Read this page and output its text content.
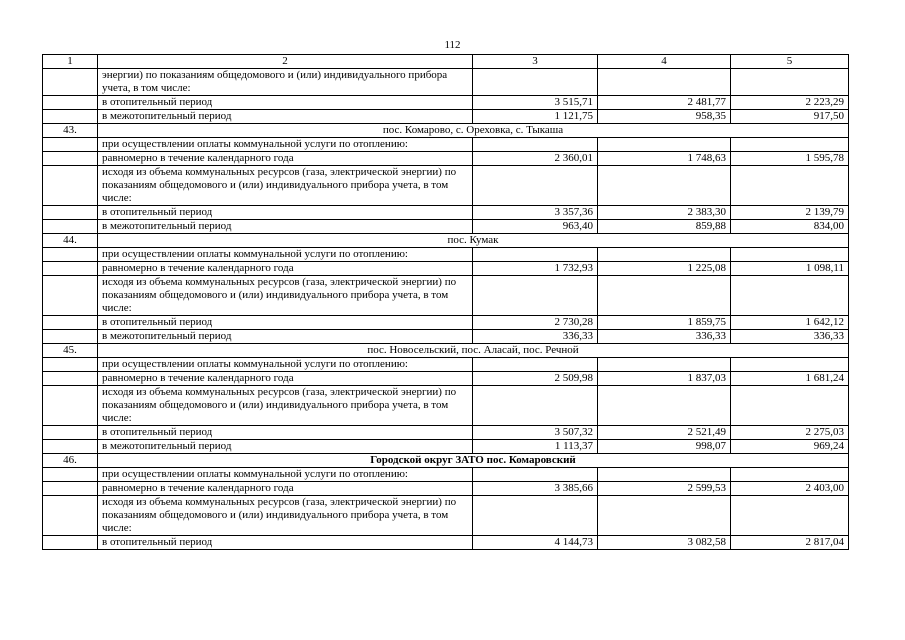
112
1	2	3	4	5
	энергии) по показаниям общедомового и (или) индивидуального прибора учета, в том числе:			
	в отопительный период	3 515,71	2 481,77	2 223,29
	в межотопительный период	1 121,75	958,35	917,50
43.	пос. Комарово, с. Ореховка, с. Тыкаша			
	при осуществлении оплаты коммунальной услуги по отоплению:			
	равномерно в течение календарного года	2 360,01	1 748,63	1 595,78
	исходя из объема коммунальных ресурсов (газа, электрической энергии) по показаниям общедомового и (или) индивидуального прибора учета, в том числе:			
	в отопительный период	3 357,36	2 383,30	2 139,79
	в межотопительный период	963,40	859,88	834,00
44.	пос. Кумак			
	при осуществлении оплаты коммунальной услуги по отоплению:			
	равномерно в течение календарного года	1 732,93	1 225,08	1 098,11
	исходя из объема коммунальных ресурсов (газа, электрической энергии) по показаниям общедомового и (или) индивидуального прибора учета, в том числе:			
	в отопительный период	2 730,28	1 859,75	1 642,12
	в межотопительный период	336,33	336,33	336,33
45.	пос. Новосельский, пос. Аласай, пос. Речной			
	при осуществлении оплаты коммунальной услуги по отоплению:			
	равномерно в течение календарного года	2 509,98	1 837,03	1 681,24
	исходя из объема коммунальных ресурсов (газа, электрической энергии) по показаниям общедомового и (или) индивидуального прибора учета, в том числе:			
	в отопительный период	3 507,32	2 521,49	2 275,03
	в межотопительный период	1 113,37	998,07	969,24
46.	Городской округ ЗАТО пос. Комаровский			
	при осуществлении оплаты коммунальной услуги по отоплению:			
	равномерно в течение календарного года	3 385,66	2 599,53	2 403,00
	исходя из объема коммунальных ресурсов (газа, электрической энергии) по показаниям общедомового и (или) индивидуального прибора учета, в том числе:			
	в отопительный период	4 144,73	3 082,58	2 817,04
